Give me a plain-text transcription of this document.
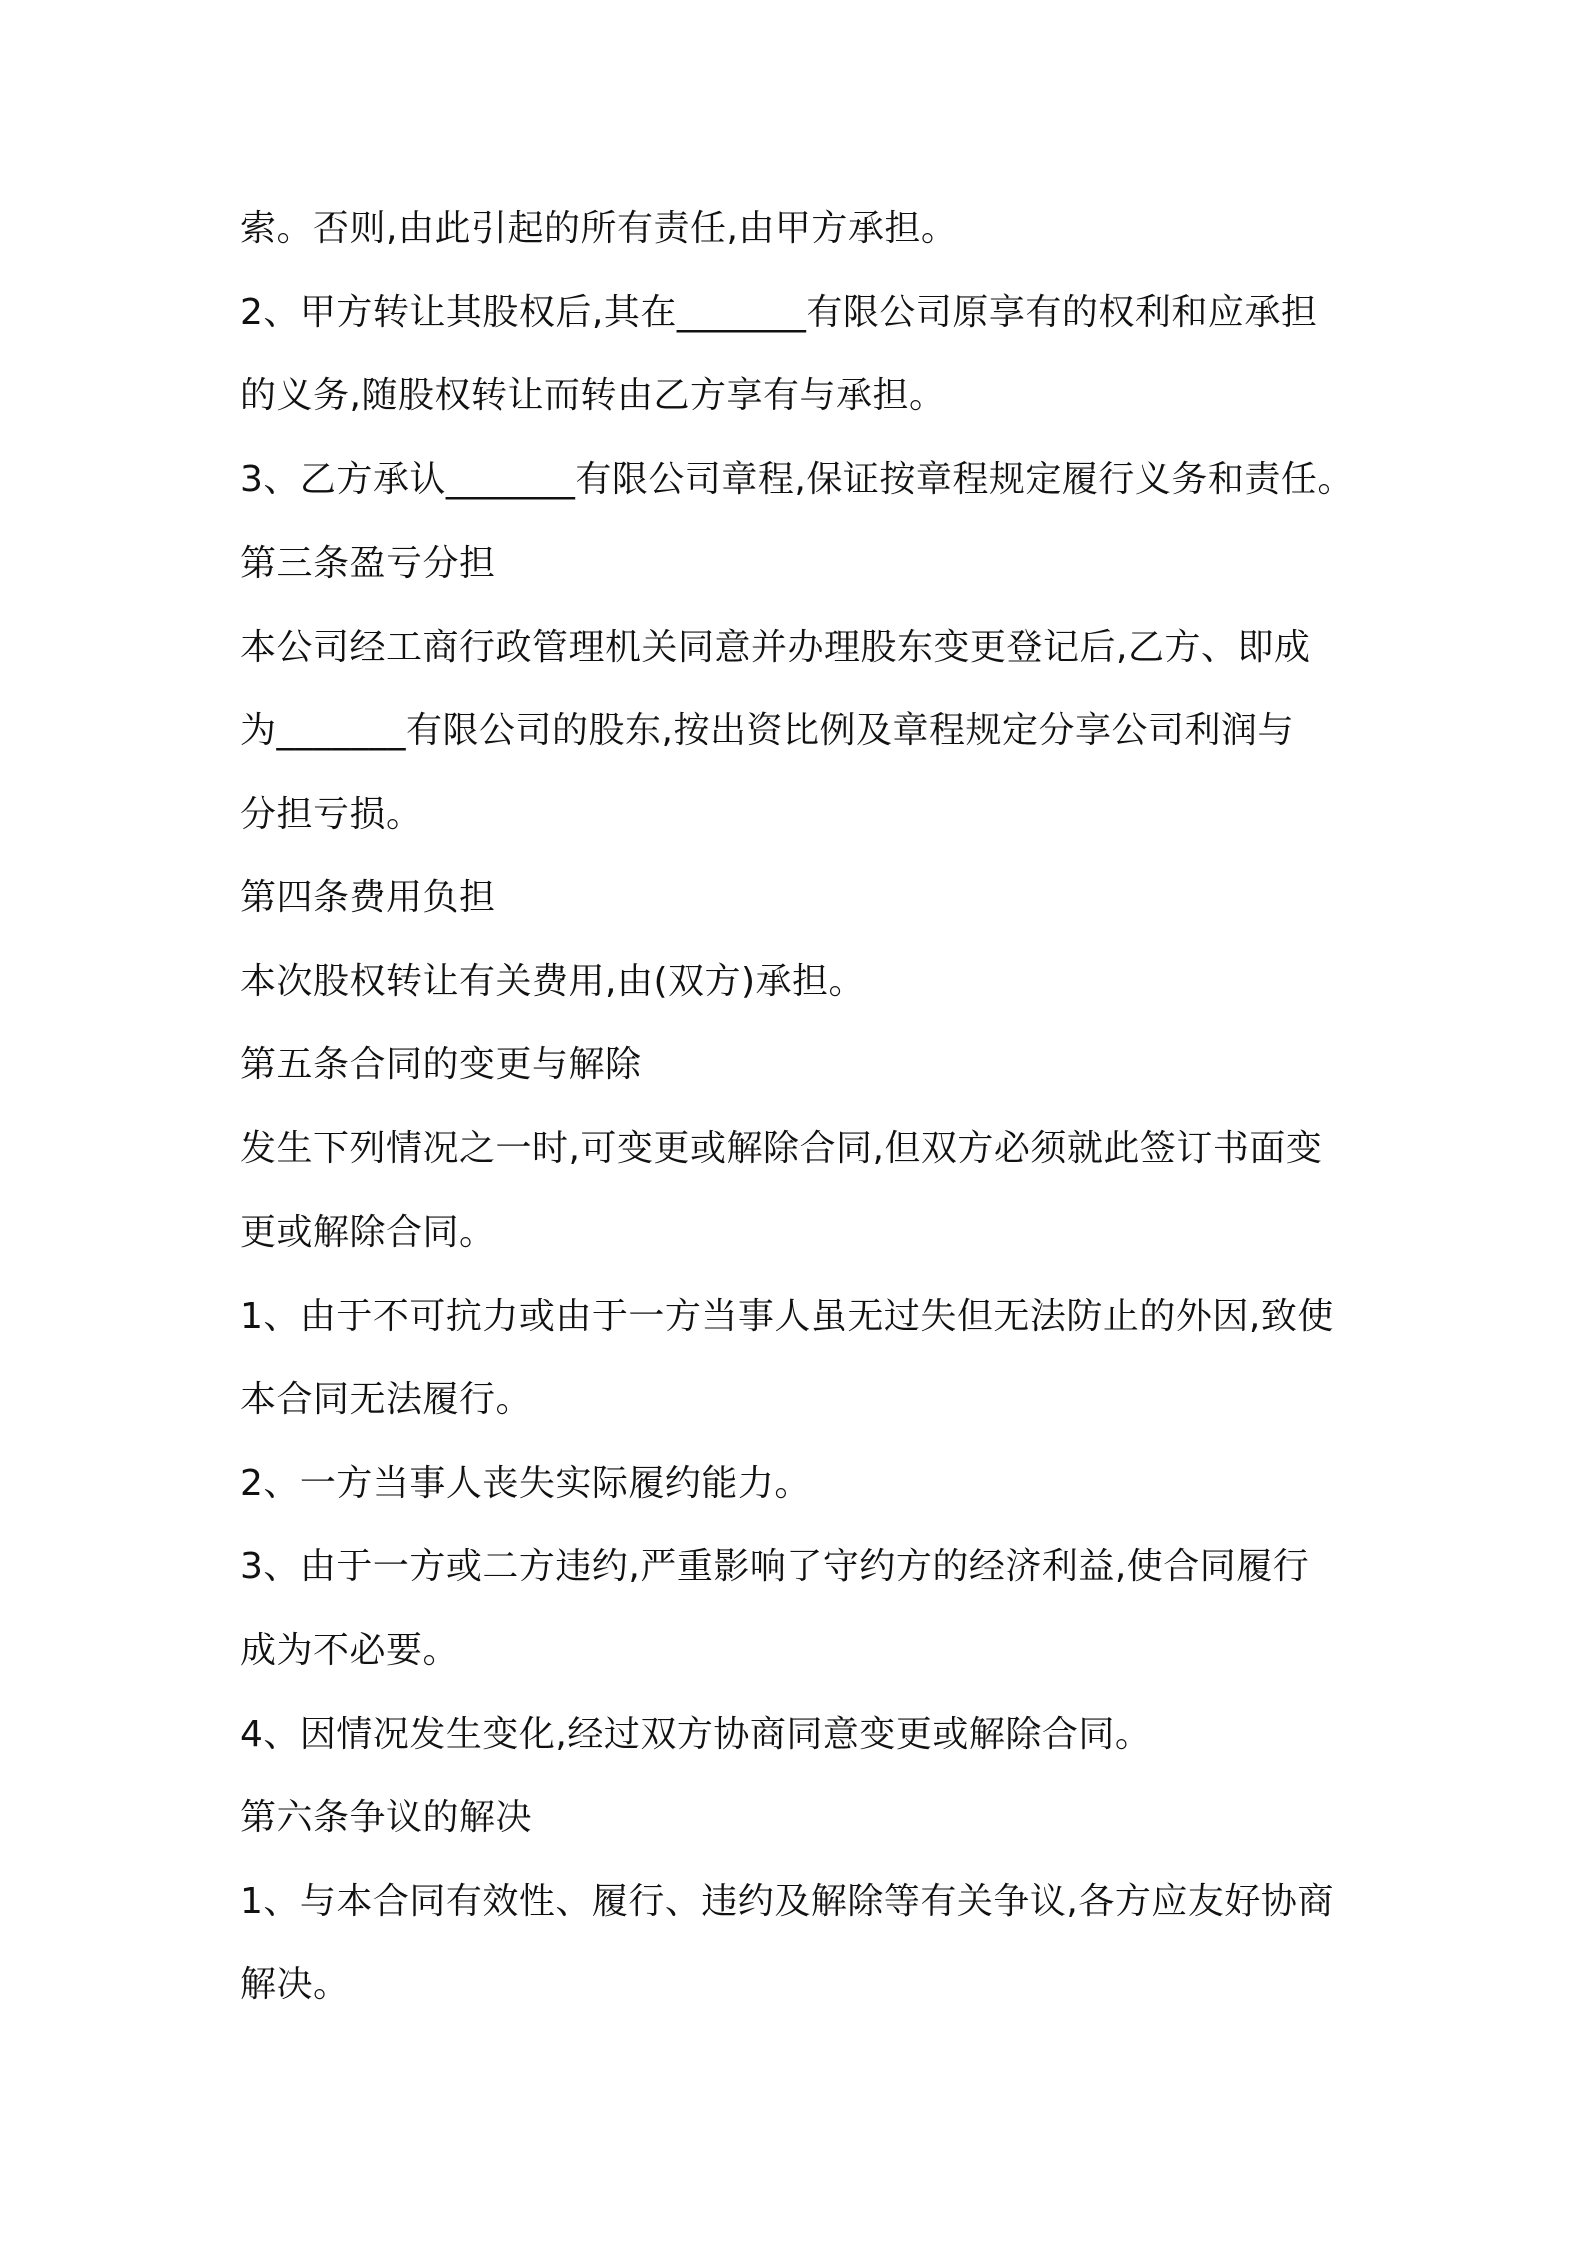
索。否则,由此引起的所有责任,由甲方承担。
2、甲方转让其股权后,其在_______有限公司原享有的权利和应承担
的义务,随股权转让而转由乙方享有与承担。
3、乙方承认_______有限公司章程,保证按章程规定履行义务和责任。
第三条盈亏分担
本公司经工商行政管理机关同意并办理股东变更登记后,乙方、即成
为_______有限公司的股东,按出资比例及章程规定分享公司利润与
分担亏损。
第四条费用负担
本次股权转让有关费用,由(双方)承担。
第五条合同的变更与解除
发生下列情况之一时,可变更或解除合同,但双方必须就此签订书面变
更或解除合同。
1、由于不可抗力或由于一方当事人虽无过失但无法防止的外因,致使
本合同无法履行。
2、一方当事人丧失实际履约能力。
3、由于一方或二方违约,严重影响了守约方的经济利益,使合同履行
成为不必要。
4、因情况发生变化,经过双方协商同意变更或解除合同。
第六条争议的解决
1、与本合同有效性、履行、违约及解除等有关争议,各方应友好协商
解决。
